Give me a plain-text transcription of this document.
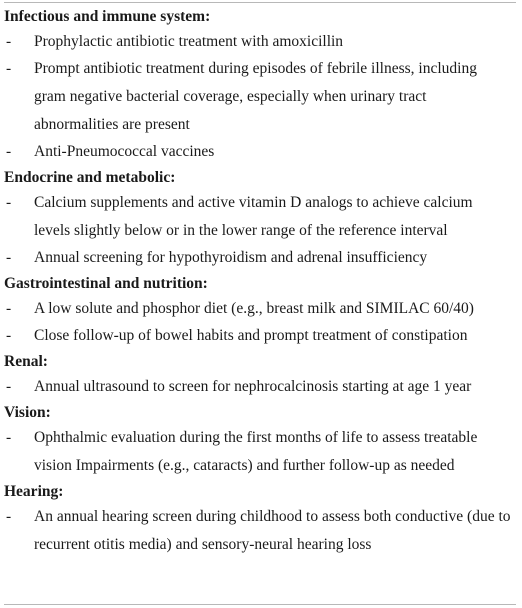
Infectious and immune system:
- Prophylactic antibiotic treatment with amoxicillin
- Prompt antibiotic treatment during episodes of febrile illness, including gram negative bacterial coverage, especially when urinary tract abnormalities are present
- Anti-Pneumococcal vaccines
Endocrine and metabolic:
- Calcium supplements and active vitamin D analogs to achieve calcium levels slightly below or in the lower range of the reference interval
- Annual screening for hypothyroidism and adrenal insufficiency
Gastrointestinal and nutrition:
- A low solute and phosphor diet (e.g., breast milk and SIMILAC 60/40)
- Close follow-up of bowel habits and prompt treatment of constipation
Renal:
- Annual ultrasound to screen for nephrocalcinosis starting at age 1 year
Vision:
- Ophthalmic evaluation during the first months of life to assess treatable vision Impairments (e.g., cataracts) and further follow-up as needed
Hearing:
- An annual hearing screen during childhood to assess both conductive (due to recurrent otitis media) and sensory-neural hearing loss
